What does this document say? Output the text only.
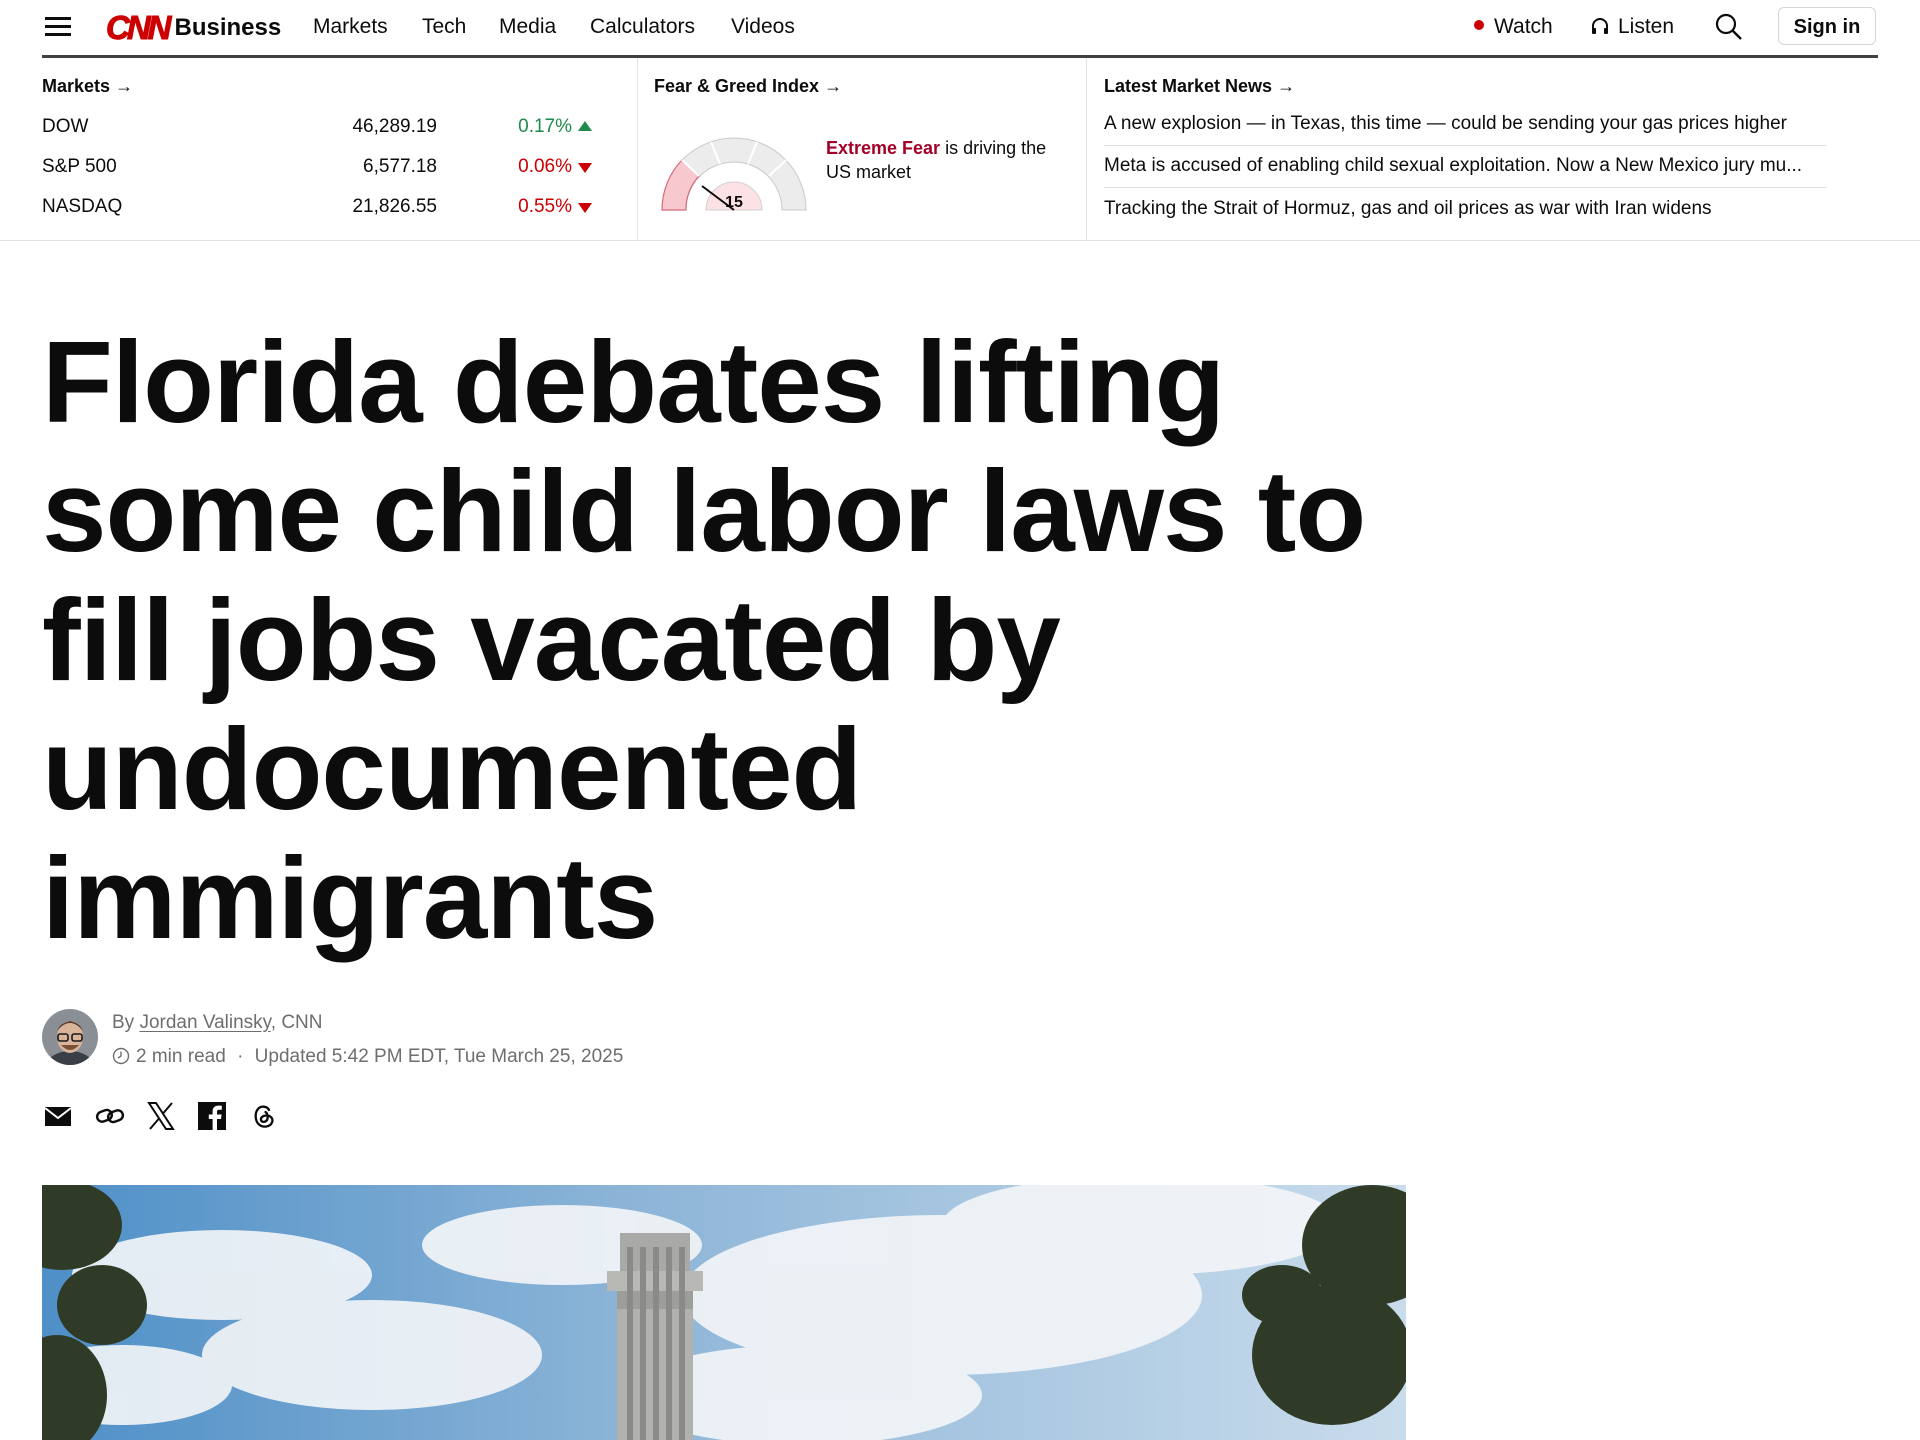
CNN Business Markets Tech Media Calculators Videos	Watch	Listen	Sign in
Markets →
DOW	46,289.19	0.17%
S&P 500	6,577.18	0.06%
NASDAQ	21,826.55	0.55%
Fear & Greed Index →
15
Extreme Fear is driving the US market
Latest Market News →
A new explosion — in Texas, this time — could be sending your gas prices higher
Meta is accused of enabling child sexual exploitation. Now a New Mexico jury mu...
Tracking the Strait of Hormuz, gas and oil prices as war with Iran widens
Florida debates lifting some child labor laws to fill jobs vacated by undocumented immigrants
By Jordan Valinsky, CNN
2 min read · Updated 5:42 PM EDT, Tue March 25, 2025
